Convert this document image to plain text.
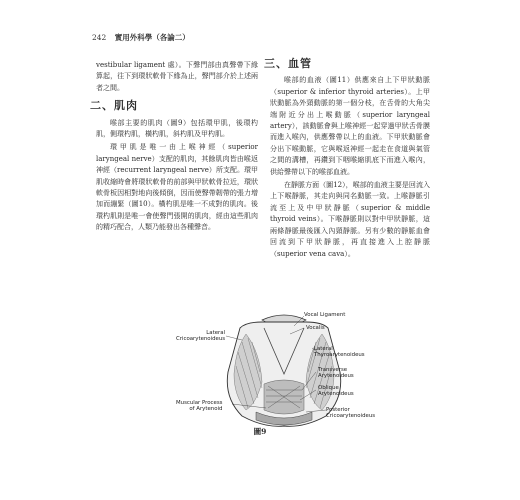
242 實用外科學（各論二）

vestibular ligament 處）。下聲門部由真聲帶下緣算起，往下到環狀軟骨下緣為止，聲門部介於上述兩者之間。

二、肌肉

喉部主要的肌肉（圖9）包括環甲肌，後環杓肌，側環杓肌，橫杓肌，斜杓肌及甲杓肌。

環甲肌是唯一由上喉神經（superior laryngeal nerve）支配的肌肉，其餘肌肉皆由喉返神經（recurrent laryngeal nerve）所支配。環甲肌收縮時會將環狀軟骨的前部與甲狀軟骨拉近，環狀軟骨板因相對地向後傾倒，因而使聲帶韌帶的張力增加而繃緊（圖10）。橫杓肌是唯一不成對的肌肉。後環杓肌則是唯一會使聲門張開的肌肉，經由這些肌肉的精巧配合，人類乃能發出各種聲音。

三、血管

喉部的血液（圖11）供應來自上下甲狀動脈（superior & inferior thyroid arteries）。上甲狀動脈為外頸動脈的第一個分枝，在舌骨的大角尖端附近分出上喉動脈（superior laryngeal artery），該動脈會與上喉神經一起穿過甲狀舌骨膜而進入喉內，供應聲帶以上的血液。下甲狀動脈會分出下喉動脈，它與喉返神經一起走在食道與氣管之間的溝槽，再鑽到下咽喉縮肌底下而進入喉內，供給聲帶以下的喉部血液。

在靜脈方面（圖12），喉部的血液主要是回流入上下喉靜脈，其走向與同名動脈一致。上喉靜脈引流至上及中甲狀靜脈（superior & middle thyroid veins）。下喉靜脈則以對中甲狀靜脈，這兩條靜脈最後匯入內頸靜脈。另有少數的靜脈血會回流到下甲狀靜脈，再直接進入上腔靜脈（superior vena cava）。

Vocal Ligament
Vocalis
Lateral
Cricoarytenoideus
Lateral
Thyroarytenoideus
Transverse
Arytenoideus
Oblique
Arytenoideus
Muscular Process
of Arytenoid	Posterior
Cricoarytenoideus
圖9
